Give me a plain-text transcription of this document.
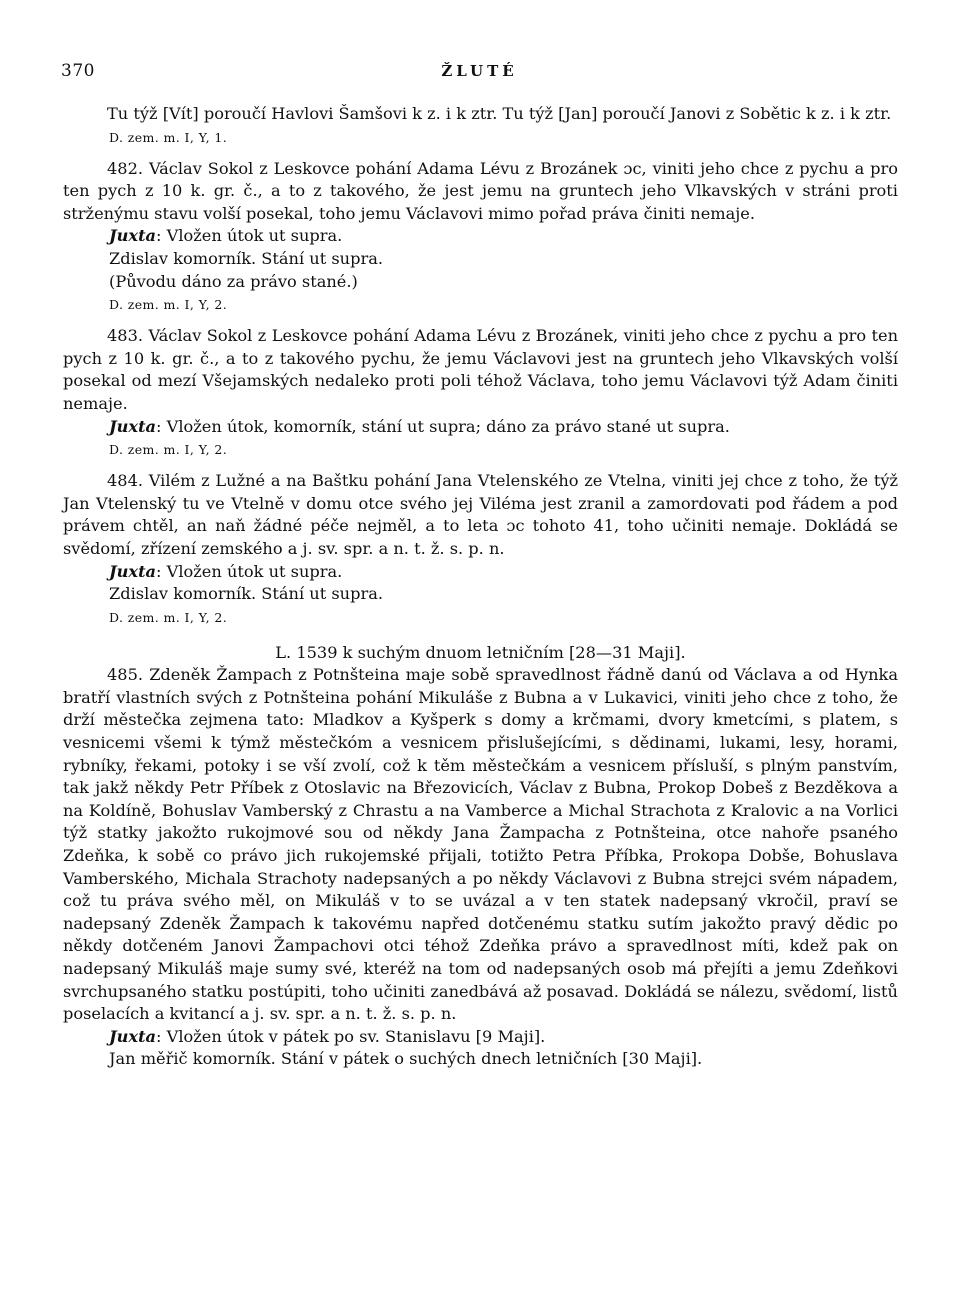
370	ŽLUTÉ

Tu týž [Vít] poroučí Havlovi Šamšovi k z. i k ztr. Tu týž [Jan] poroučí Janovi z Sobětic k z. i k ztr.

D. zem. m. I, Y, 1.

482. Václav Sokol z Leskovce pohání Adama Lévu z Brozánek ɔc, viniti jeho chce z pychu a pro ten pych z 10 k. gr. č., a to z takového, že jest jemu na gruntech jeho Vlkavských v stráni proti strženýmu stavu volší posekal, toho jemu Václavovi mimo pořad práva činiti nemaje.

Juxta: Vložen útok ut supra.

Zdislav komorník. Stání ut supra.

(Původu dáno za právo stané.)

D. zem. m. I, Y, 2.

483. Václav Sokol z Leskovce pohání Adama Lévu z Brozánek, viniti jeho chce z pychu a pro ten pych z 10 k. gr. č., a to z takového pychu, že jemu Václavovi jest na gruntech jeho Vlkavských volší posekal od mezí Všejamských nedaleko proti poli téhož Václava, toho jemu Václavovi týž Adam činiti nemaje.

Juxta: Vložen útok, komorník, stání ut supra; dáno za právo stané ut supra.

D. zem. m. I, Y, 2.

484. Vilém z Lužné a na Baštku pohání Jana Vtelenského ze Vtelna, viniti jej chce z toho, že týž Jan Vtelenský tu ve Vtelně v domu otce svého jej Viléma jest zranil a zamordovati pod řádem a pod právem chtěl, an naň žádné péče nejměl, a to leta ɔc tohoto 41, toho učiniti nemaje. Dokládá se svědomí, zřízení zemského a j. sv. spr. a n. t. ž. s. p. n.

Juxta: Vložen útok ut supra.

Zdislav komorník. Stání ut supra.

D. zem. m. I, Y, 2.

L. 1539 k suchým dnuom letničním [28—31 Maji].

485. Zdeněk Žampach z Potnšteina maje sobě spravedlnost řádně danú od Václava a od Hynka bratří vlastních svých z Potnšteina pohání Mikuláše z Bubna a v Lukavici, viniti jeho chce z toho, že drží městečka zejmena tato: Mladkov a Kyšperk s domy a krčmami, dvory kmetcími, s platem, s vesnicemi všemi k týmž městečkóm a vesnicem přislušejícími, s dědinami, lukami, lesy, horami, rybníky, řekami, potoky i se vší zvolí, což k těm městečkám a vesnicem přísluší, s plným panstvím, tak jakž někdy Petr Příbek z Otoslavic na Březovicích, Václav z Bubna, Prokop Dobeš z Bezděkova a na Koldíně, Bohuslav Vamberský z Chrastu a na Vamberce a Michal Strachota z Kralovic a na Vorlici týž statky jakožto rukojmové sou od někdy Jana Žampacha z Potnšteina, otce nahoře psaného Zdeňka, k sobě co právo jich rukojemské přijali, totižto Petra Příbka, Prokopa Dobše, Bohuslava Vamberského, Michala Strachoty nadepsaných a po někdy Václavovi z Bubna strejci svém nápadem, což tu práva svého měl, on Mikuláš v to se uvázal a v ten statek nadepsaný vkročil, praví se nadepsaný Zdeněk Žampach k takovému napřed dotčenému statku sutím jakožto pravý dědic po někdy dotčeném Janovi Žampachovi otci téhož Zdeňka právo a spravedlnost míti, kdež pak on nadepsaný Mikuláš maje sumy své, kteréž na tom od nadepsaných osob má přejíti a jemu Zdeňkovi svrchupsaného statku postúpiti, toho učiniti zanedbává až posavad. Dokládá se nálezu, svědomí, listů poselacích a kvitancí a j. sv. spr. a n. t. ž. s. p. n.

Juxta: Vložen útok v pátek po sv. Stanislavu [9 Maji].

Jan měřič komorník. Stání v pátek o suchých dnech letničních [30 Maji].
